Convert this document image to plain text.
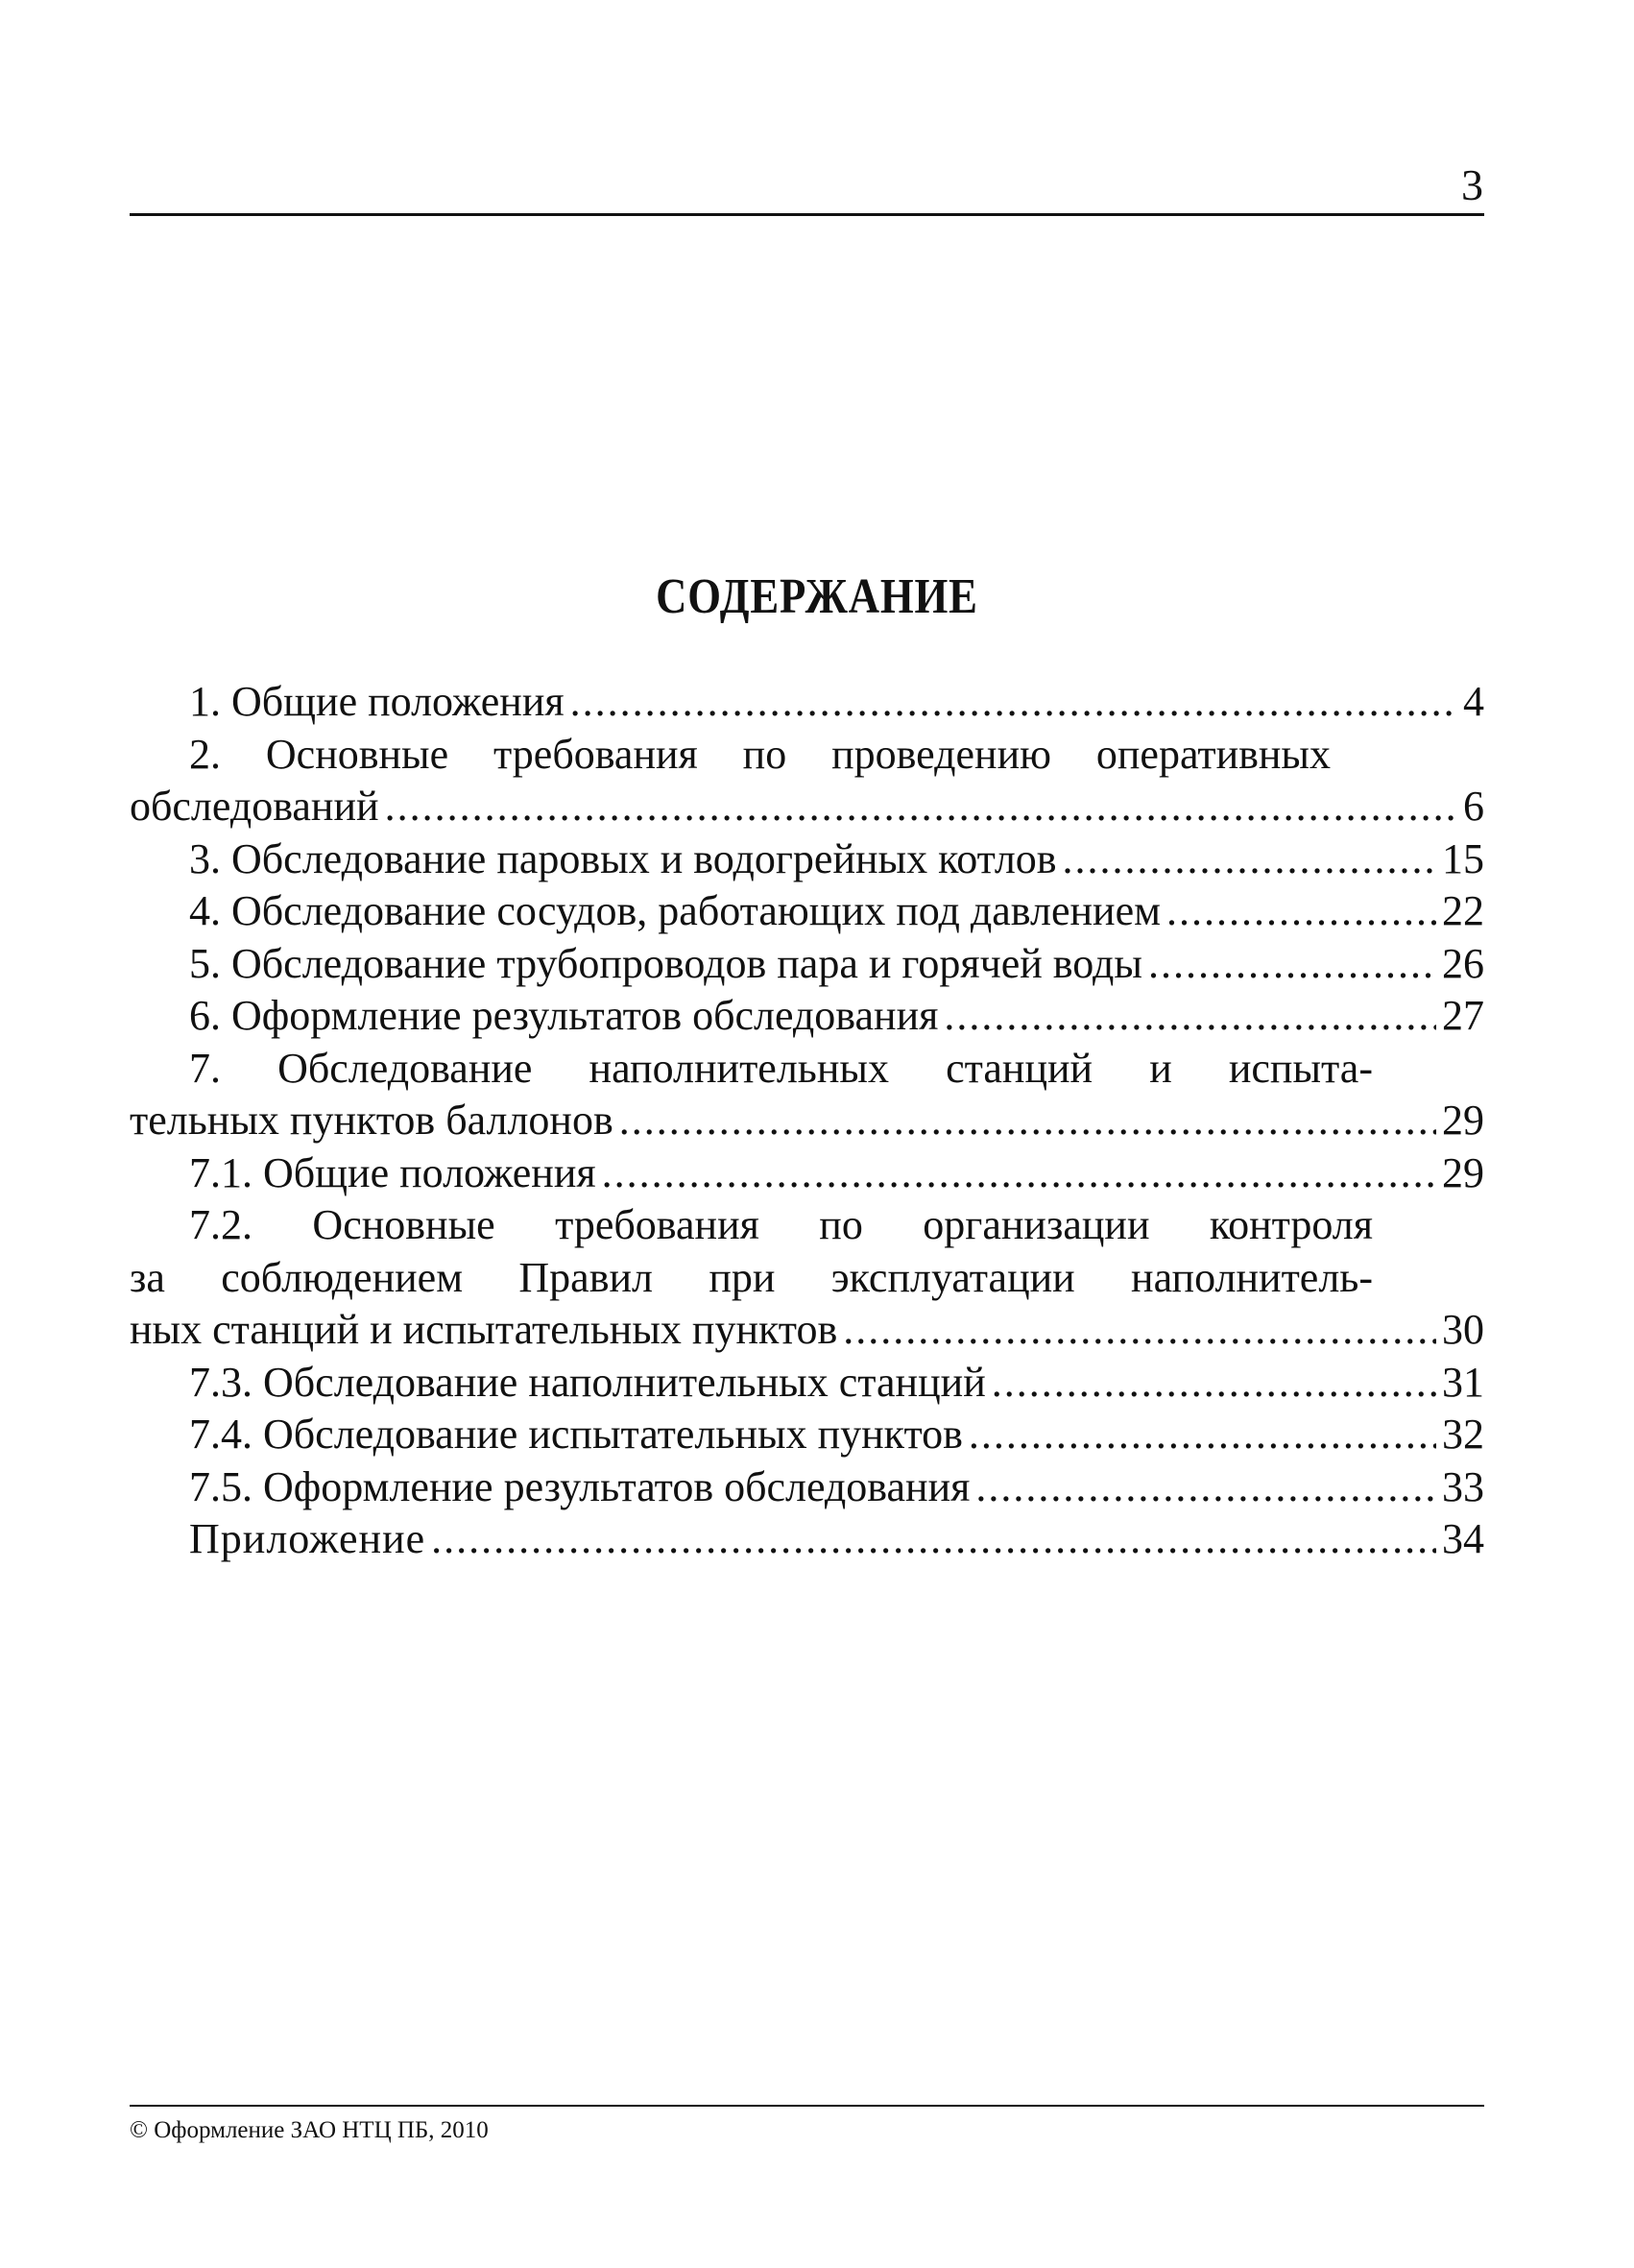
3
СОДЕРЖАНИЕ
1. Общие положения .....	4
2. Основные требования по проведению оперативных
обследований .....	6
3. Обследование паровых и водогрейных котлов .....	15
4. Обследование сосудов, работающих под давлением .....	22
5. Обследование трубопроводов пара и горячей воды .....	26
6. Оформление результатов обследования .....	27
7. Обследование наполнительных станций и испыта-
тельных пунктов баллонов .....	29
7.1. Общие положения .....	29
7.2. Основные требования по организации контроля
за соблюдением Правил при эксплуатации наполнитель-
ных станций и испытательных пунктов .....	30
7.3. Обследование наполнительных станций .....	31
7.4. Обследование испытательных пунктов .....	32
7.5. Оформление результатов обследования .....	33
Приложение .....	34
© Оформление ЗАО НТЦ ПБ, 2010
